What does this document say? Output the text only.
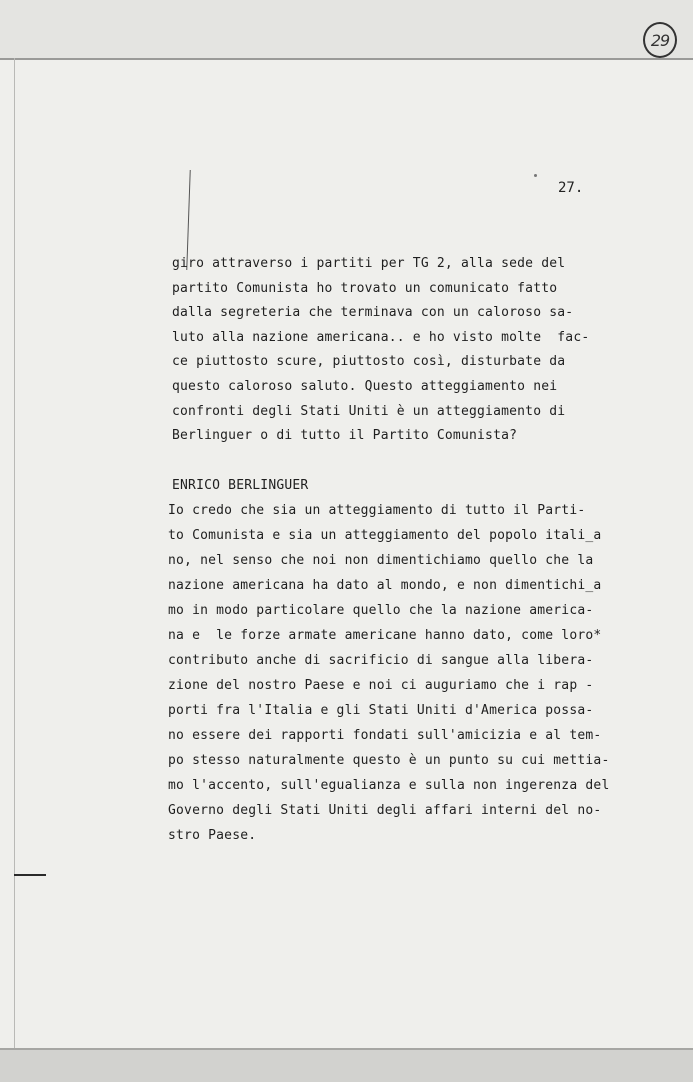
29
27.
giro attraverso i partiti per TG 2, alla sede del
partito Comunista ho trovato un comunicato fatto
dalla segreteria che terminava con un caloroso sa-
luto alla nazione americana.. e ho visto molte  fac-
ce piuttosto scure, piuttosto così, disturbate da
questo caloroso saluto. Questo atteggiamento nei
confronti degli Stati Uniti è un atteggiamento di
Berlinguer o di tutto il Partito Comunista?
ENRICO BERLINGUER
Io credo che sia un atteggiamento di tutto il Parti-
to Comunista e sia un atteggiamento del popolo itali_a
no, nel senso che noi non dimentichiamo quello che la
nazione americana ha dato al mondo, e non dimentichi_a
mo in modo particolare quello che la nazione america-
na e  le forze armate americane hanno dato, come loro*
contributo anche di sacrificio di sangue alla libera-
zione del nostro Paese e noi ci auguriamo che i rap -
porti fra l'Italia e gli Stati Uniti d'America possa-
no essere dei rapporti fondati sull'amicizia e al tem-
po stesso naturalmente questo è un punto su cui mettia-
mo l'accento, sull'egualianza e sulla non ingerenza del
Governo degli Stati Uniti degli affari interni del no-
stro Paese.
